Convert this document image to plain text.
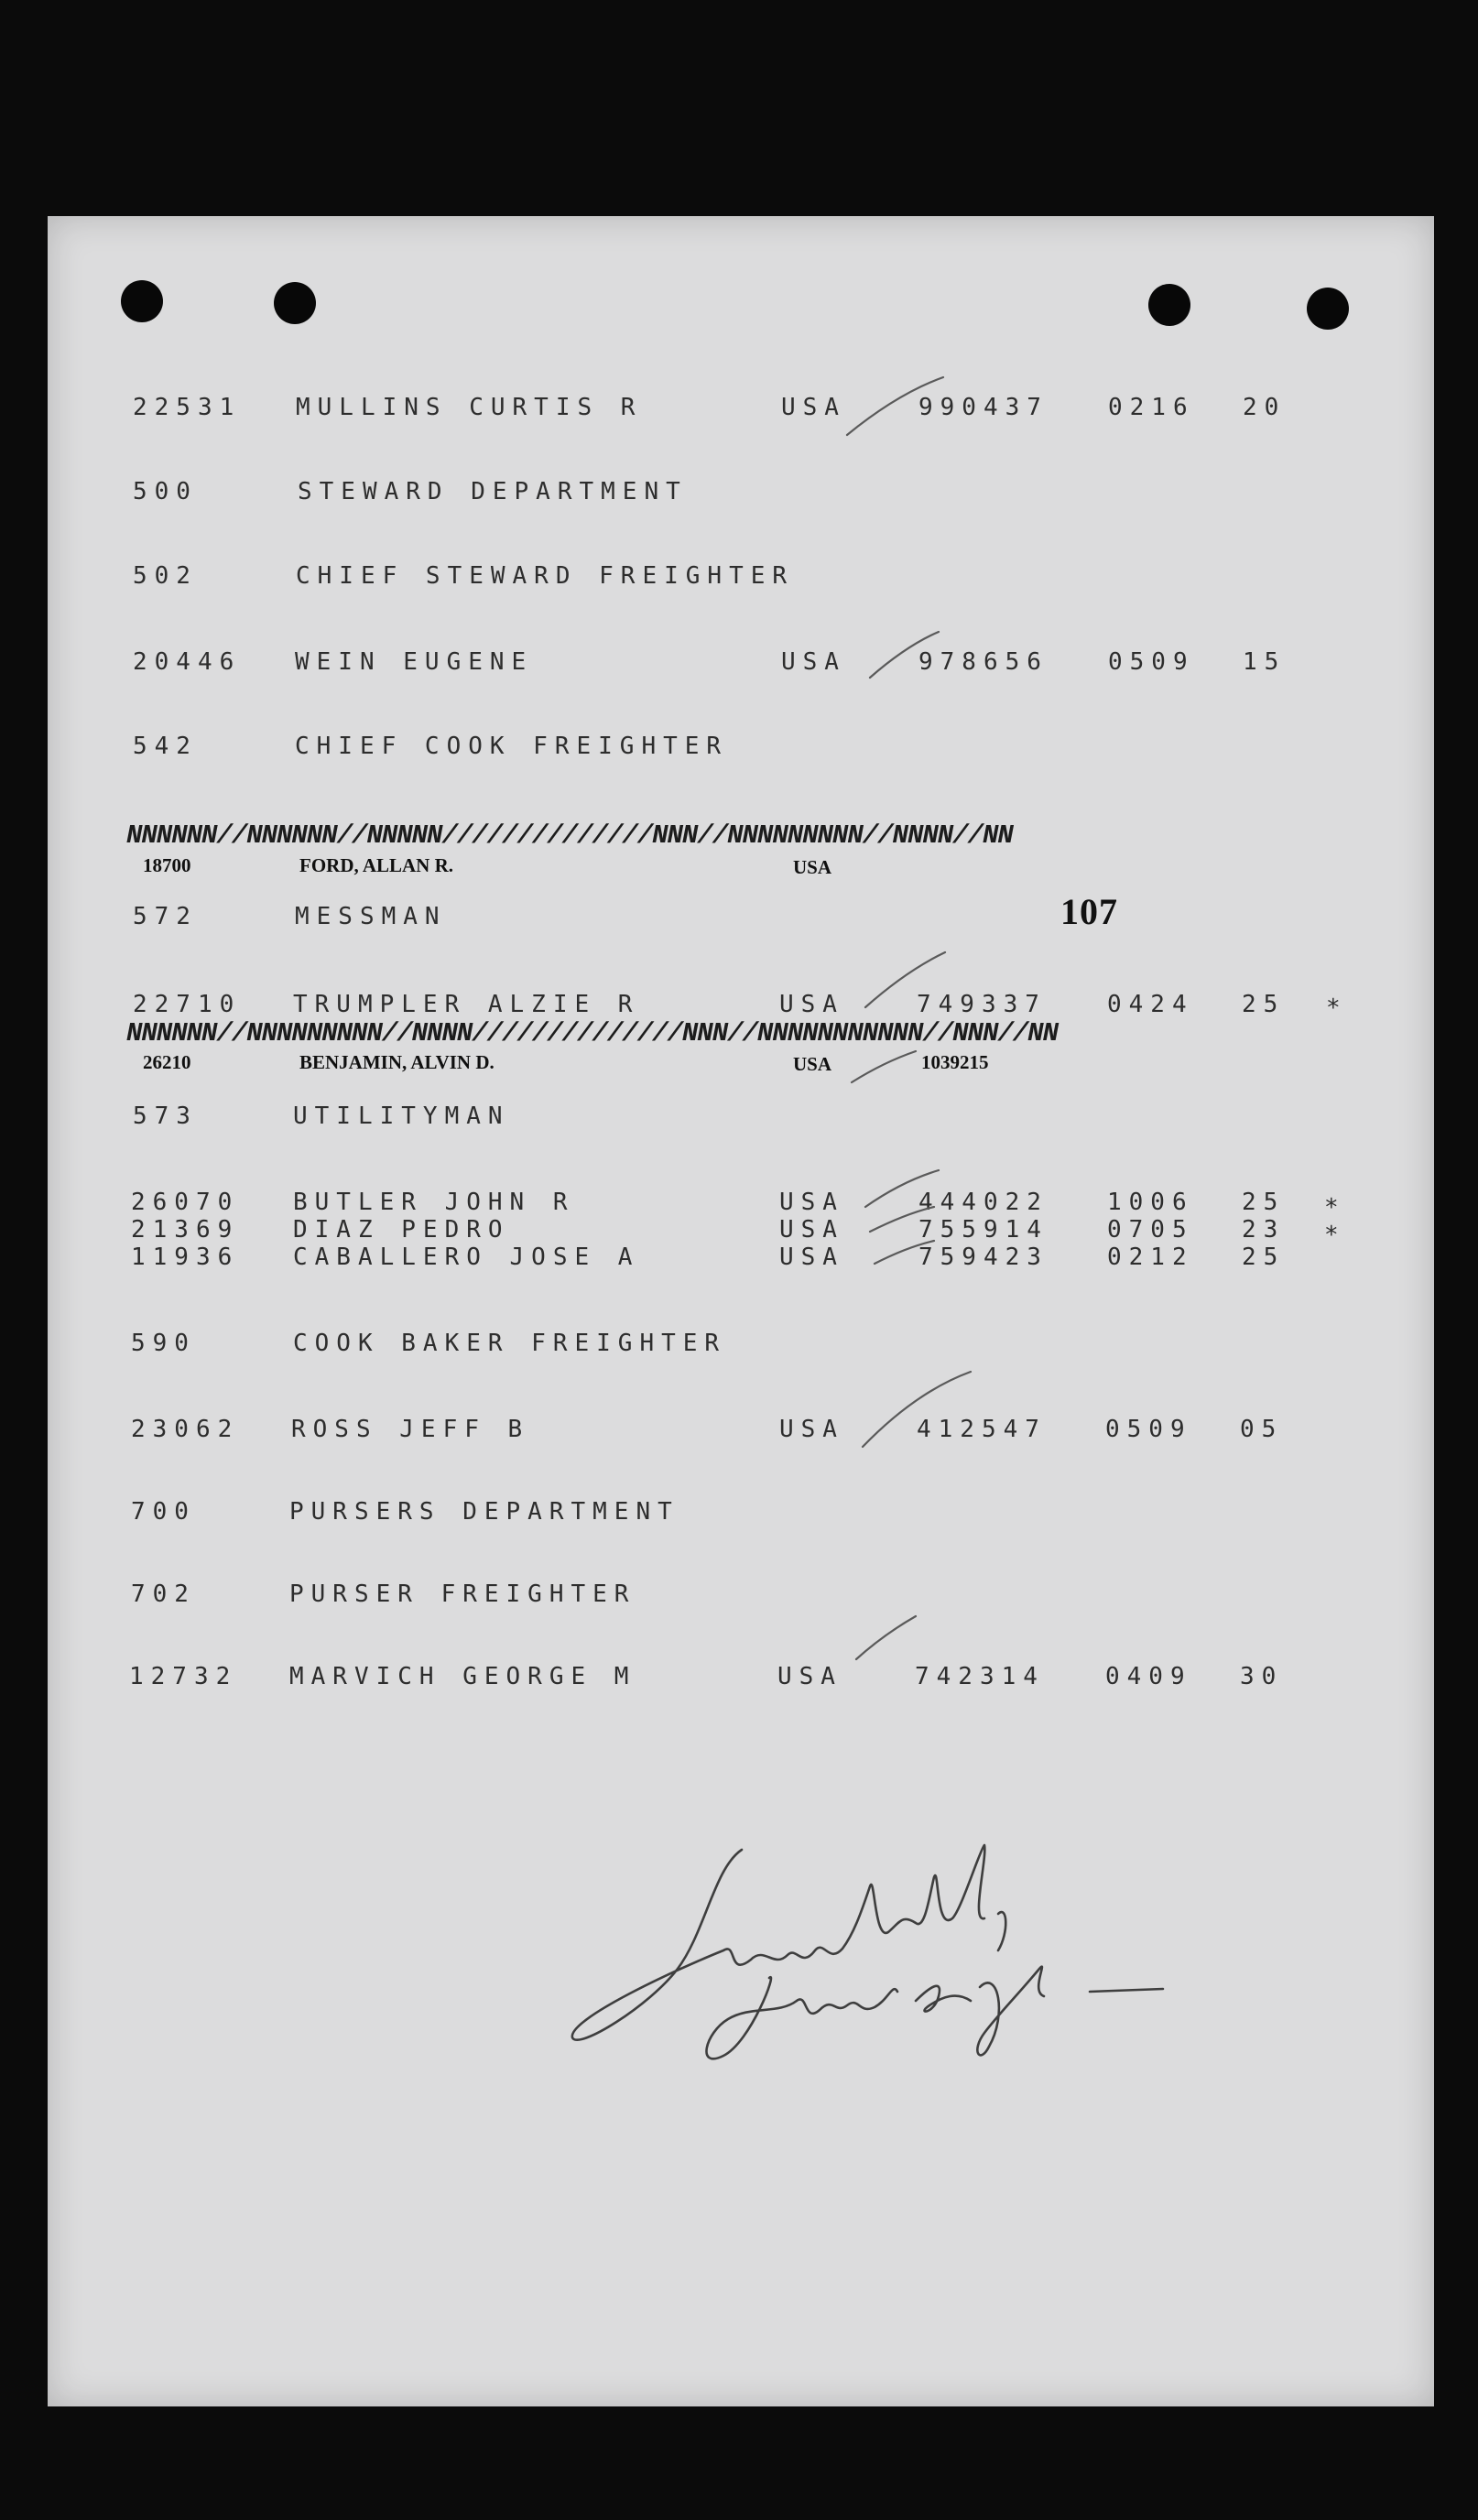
22531 MULLINS CURTIS R	USA	990437	0216 20
500	STEWARD DEPARTMENT
502	CHIEF STEWARD FREIGHTER
20446 WEIN EUGENE	USA	978656	0509 15
542	CHIEF COOK FREIGHTER
NNNNNN//NNNNNN//NNNNN//////////////NNN//NNNNNNNNN//NNNN//NN
18700	FORD, ALLAN R.	USA
572	MESSMAN	107
22710 TRUMPLER ALZIE R	USA	749337	0424 25 *
NNNNNN//NNNNNNNNN//NNNN//////////////NNN//NNNNNNNNNNN//NNN//NN
26210	BENJAMIN, ALVIN D.	USA	1039215
573	UTILITYMAN
26070 BUTLER JOHN R	USA	444022 1006 25 *
21369 DIAZ PEDRO	USA	755914 0705 23 *
11936 CABALLERO JOSE A	USA	759423 0212 25
590	COOK BAKER FREIGHTER
23062 ROSS JEFF B	USA	412547 0509 05
700	PURSERS DEPARTMENT
702	PURSER FREIGHTER
12732 MARVICH GEORGE M	USA	742314	0409 30
